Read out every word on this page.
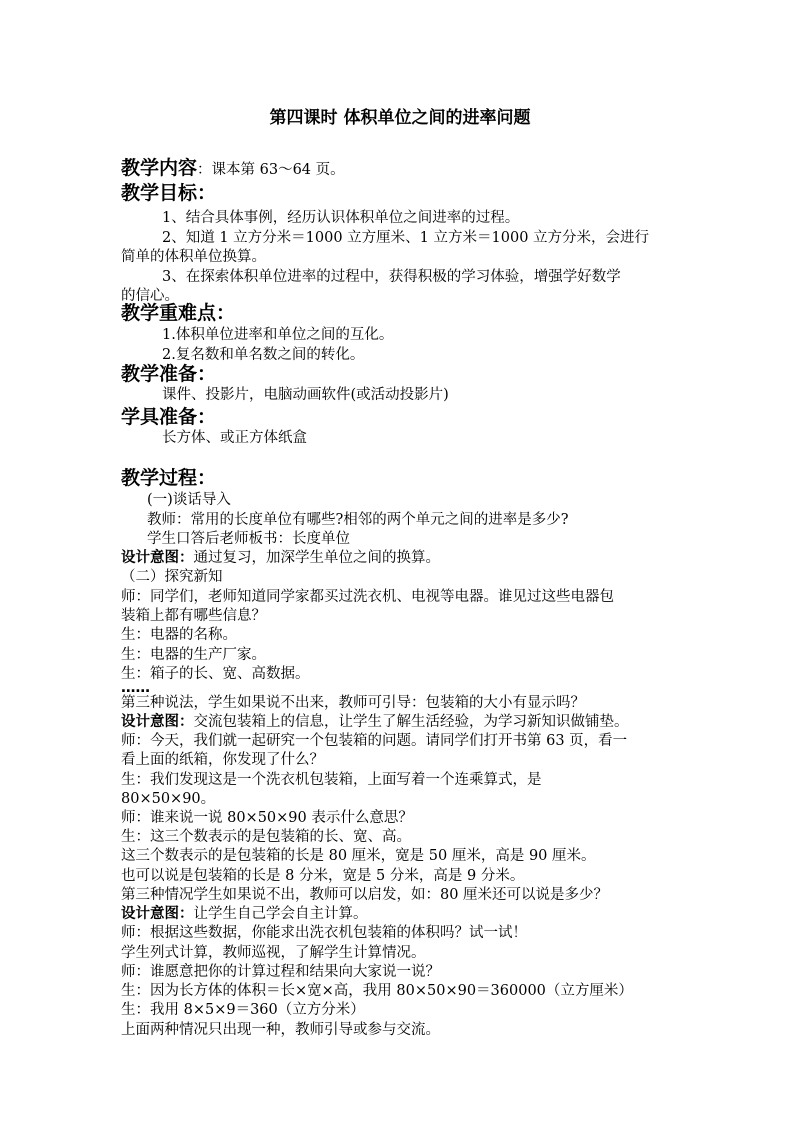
第四课时 体积单位之间的进率问题
教学内容：课本第 63～64 页。
教学目标：
1、结合具体事例，经历认识体积单位之间进率的过程。
2、知道 1 立方分米＝1000 立方厘米、1 立方米＝1000 立方分米，会进行
简单的体积单位换算。
3、在探索体积单位进率的过程中，获得积极的学习体验，增强学好数学
的信心。
教学重难点：
1.体积单位进率和单位之间的互化。
2.复名数和单名数之间的转化。
教学准备：
课件、投影片，电脑动画软件(或活动投影片)
学具准备：
长方体、或正方体纸盒
教学过程：
(一)谈话导入
教师：常用的长度单位有哪些?相邻的两个单元之间的进率是多少?
学生口答后老师板书：长度单位
设计意图：通过复习，加深学生单位之间的换算。
（二）探究新知
师：同学们，老师知道同学家都买过洗衣机、电视等电器。谁见过这些电器包
装箱上都有哪些信息？
生：电器的名称。
生：电器的生产厂家。
生：箱子的长、宽、高数据。
……
第三种说法，学生如果说不出来，教师可引导：包装箱的大小有显示吗？
设计意图：交流包装箱上的信息，让学生了解生活经验，为学习新知识做铺垫。
师：今天，我们就一起研究一个包装箱的问题。请同学们打开书第 63 页，看一
看上面的纸箱，你发现了什么？
生：我们发现这是一个洗衣机包装箱，上面写着一个连乘算式，是
80×50×90。
师：谁来说一说 80×50×90 表示什么意思？
生：这三个数表示的是包装箱的长、宽、高。
这三个数表示的是包装箱的长是 80 厘米，宽是 50 厘米，高是 90 厘米。
也可以说是包装箱的长是 8 分米，宽是 5 分米，高是 9 分米。
第三种情况学生如果说不出，教师可以启发，如：80 厘米还可以说是多少？
设计意图：让学生自己学会自主计算。
师：根据这些数据，你能求出洗衣机包装箱的体积吗？试一试！
学生列式计算，教师巡视，了解学生计算情况。
师：谁愿意把你的计算过程和结果向大家说一说？
生：因为长方体的体积＝长×宽×高，我用 80×50×90＝360000（立方厘米）
生：我用 8×5×9＝360（立方分米）
上面两种情况只出现一种，教师引导或参与交流。
